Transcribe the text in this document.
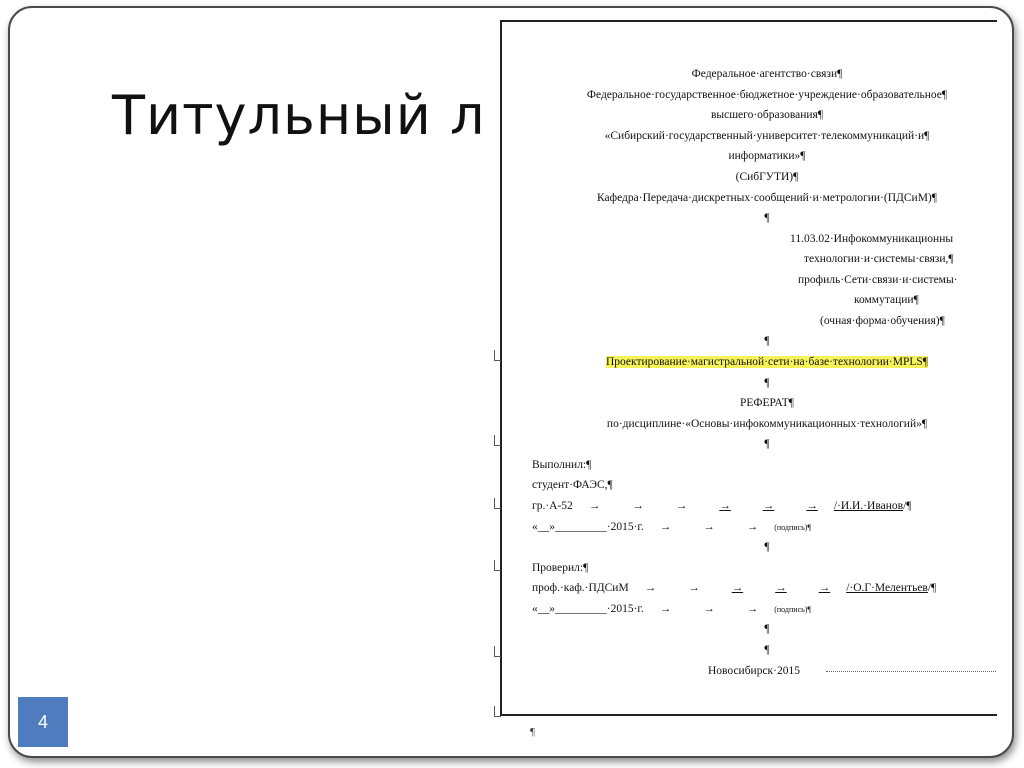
Титульный л
Федеральное·агентство·связи¶
Федеральное·государственное·бюджетное·учреждение·образовательное¶
высшего·образования¶
«Сибирский·государственный·университет·телекоммуникаций·и¶
информатики»¶
(СибГУТИ)¶
Кафедра·Передача·дискретных·сообщений·и·метрологии·(ПДСиМ)¶
¶
11.03.02·Инфокоммуникационны
технологии·и·системы·связи,¶
профиль·Сети·связи·и·системы·
коммутации¶
(очная·форма·обучения)¶
¶
Проектирование·магистральной·сети·на·базе·технологии·MPLS¶
¶
РЕФЕРАТ¶
по·дисциплине·«Основы·инфокоммуникационных·технологий»¶
¶
Выполнил:¶
студент·ФАЭС,¶
гр.·А-52 →	→	→	→	→	→ /·И.И.·Иванов/¶
«__»_________·2015·г. →	→	→ (подпись)¶
¶
Проверил:¶
проф.·каф.·ПДСиМ →	→	→	→	→ /·О.Г·Мелентьев/¶
«__»_________·2015·г. →	→	→ (подпись)¶
¶
¶
Новосибирск·2015
¶
4
